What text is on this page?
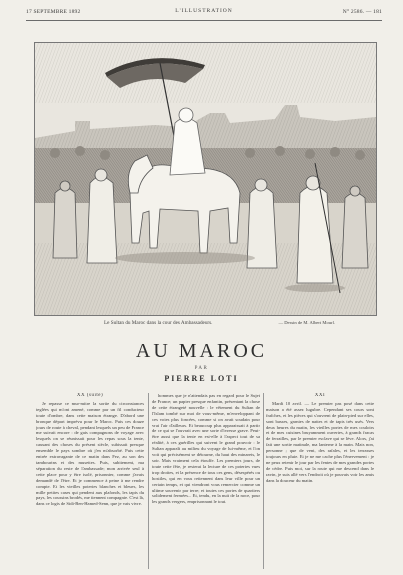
17 SEPTEMBRE 1892	L'ILLUSTRATION	N° 2586. — 181
Le Sultan du Maroc dans la cour des Ambassadeurs.	— Dessin de M. Albert Mourl.
AU MAROC
PAR
PIERRE LOTI
XX (suite)

Je repasse ce mur-mitre la sortie du circonstances teglées qui m'ont amené, comme par un fil conducteur toute d'ombre, dans cette maison étrange. D'abord une bronque départ imprévu pour le Maroc. Puis ces douze jours de route à cheval, pendant lesquels un peu de France me suivait encore : de gais compagnons de voyage avec lesquels on se réunissait pour les repas sous la tente, causant des choses du présent siècle, subissait presque ensemble le pays sombre où j'en m'absorbé. Puis cette entrée extravagante de ce matin dans Fez, au son des tambourins et des musettes. Puis, subitement, ma séparation du reste de l'ambassade; mon arrivée seul à cette place pour y être isolé, prisonnier, comme j'avais demandé de l'être. Et je commence à peine à me rendre compte. Et les vieilles poteries blanches et bleues, les mille petites cases qui pendent aux plafonds, les tapis du pays, les coussins brodés, me tiennent compagnie. C'est là, dans ce logis de Sidi-Ben-Hamed-Senn, que je vais vivre.

hommes que je n'attendais pas en regard pour le Sujet de France; un papier presque enfantin, présentant la chose de cette étrangeté nouvelle : le vêtement du Sultan de l'Islam tombé sur moi de vous-même, m'enveloppant de ces voies plus foncées, comme si on avait soudain pour vrai l'air d'ailleurs. Et beaucoup plus apparaissait à partir de ce qui se l'ouvrait avec une sorte d'ivresse grave. Peut-être aussi que la tente en est-elle à l'aspect tout de sa réalité, à ces guérilles qui suivent le grand pouvoir : le Sultan apparaît au milieu du voyage de lui-même, et l'on voit qui précisément se détourne, du haut des minarets, le soir. Mais vraiment cela étouffe. Les premiers jours, de toute cette fête, je resterai la lecture de ces poteries vues trop droites, et la présence de tous ces gens, désespérés ou hostiles, qui en vous retiennent dans leur ville pour un certain temps, et qui viendront vous remercier comme un ultime souvenir par terre; et toutes ces portes de quartiers solidement fermées... Et, tendu, en la nuit de la noce, pour les grands vergers, emprisonnant le tout.

XXI

Mardi 10 avril. — Le premier pas posé dans cette maison a été assez lugubre. Cependant ses cours sont fraîches, et les pièces qui s'ouvrent de plain-pied sur elles, sont basses, garnies de nattes et de tapis très usés. Vers deux heures du matin, les vieilles portes de mes couloirs et de mes cuisines bruyamment ouvertes, à grands fracas de ferrailles, par le premier esclave qui se lève. Alors, j'ai fait une sortie matinale, ma lanterne à la main. Mais non, personne ; que de vent, des rafales, et les terrasses toujours en pluie. Et je ne me cache plus l'énervement : je ne peux retenir le jour par les fentes de mes grandes portes de cèdre. Puis moi, sur la route qui me descend dans le ravin, je suis allé vers l'endroit où je pouvais voir les amis dans la douceur du matin.
